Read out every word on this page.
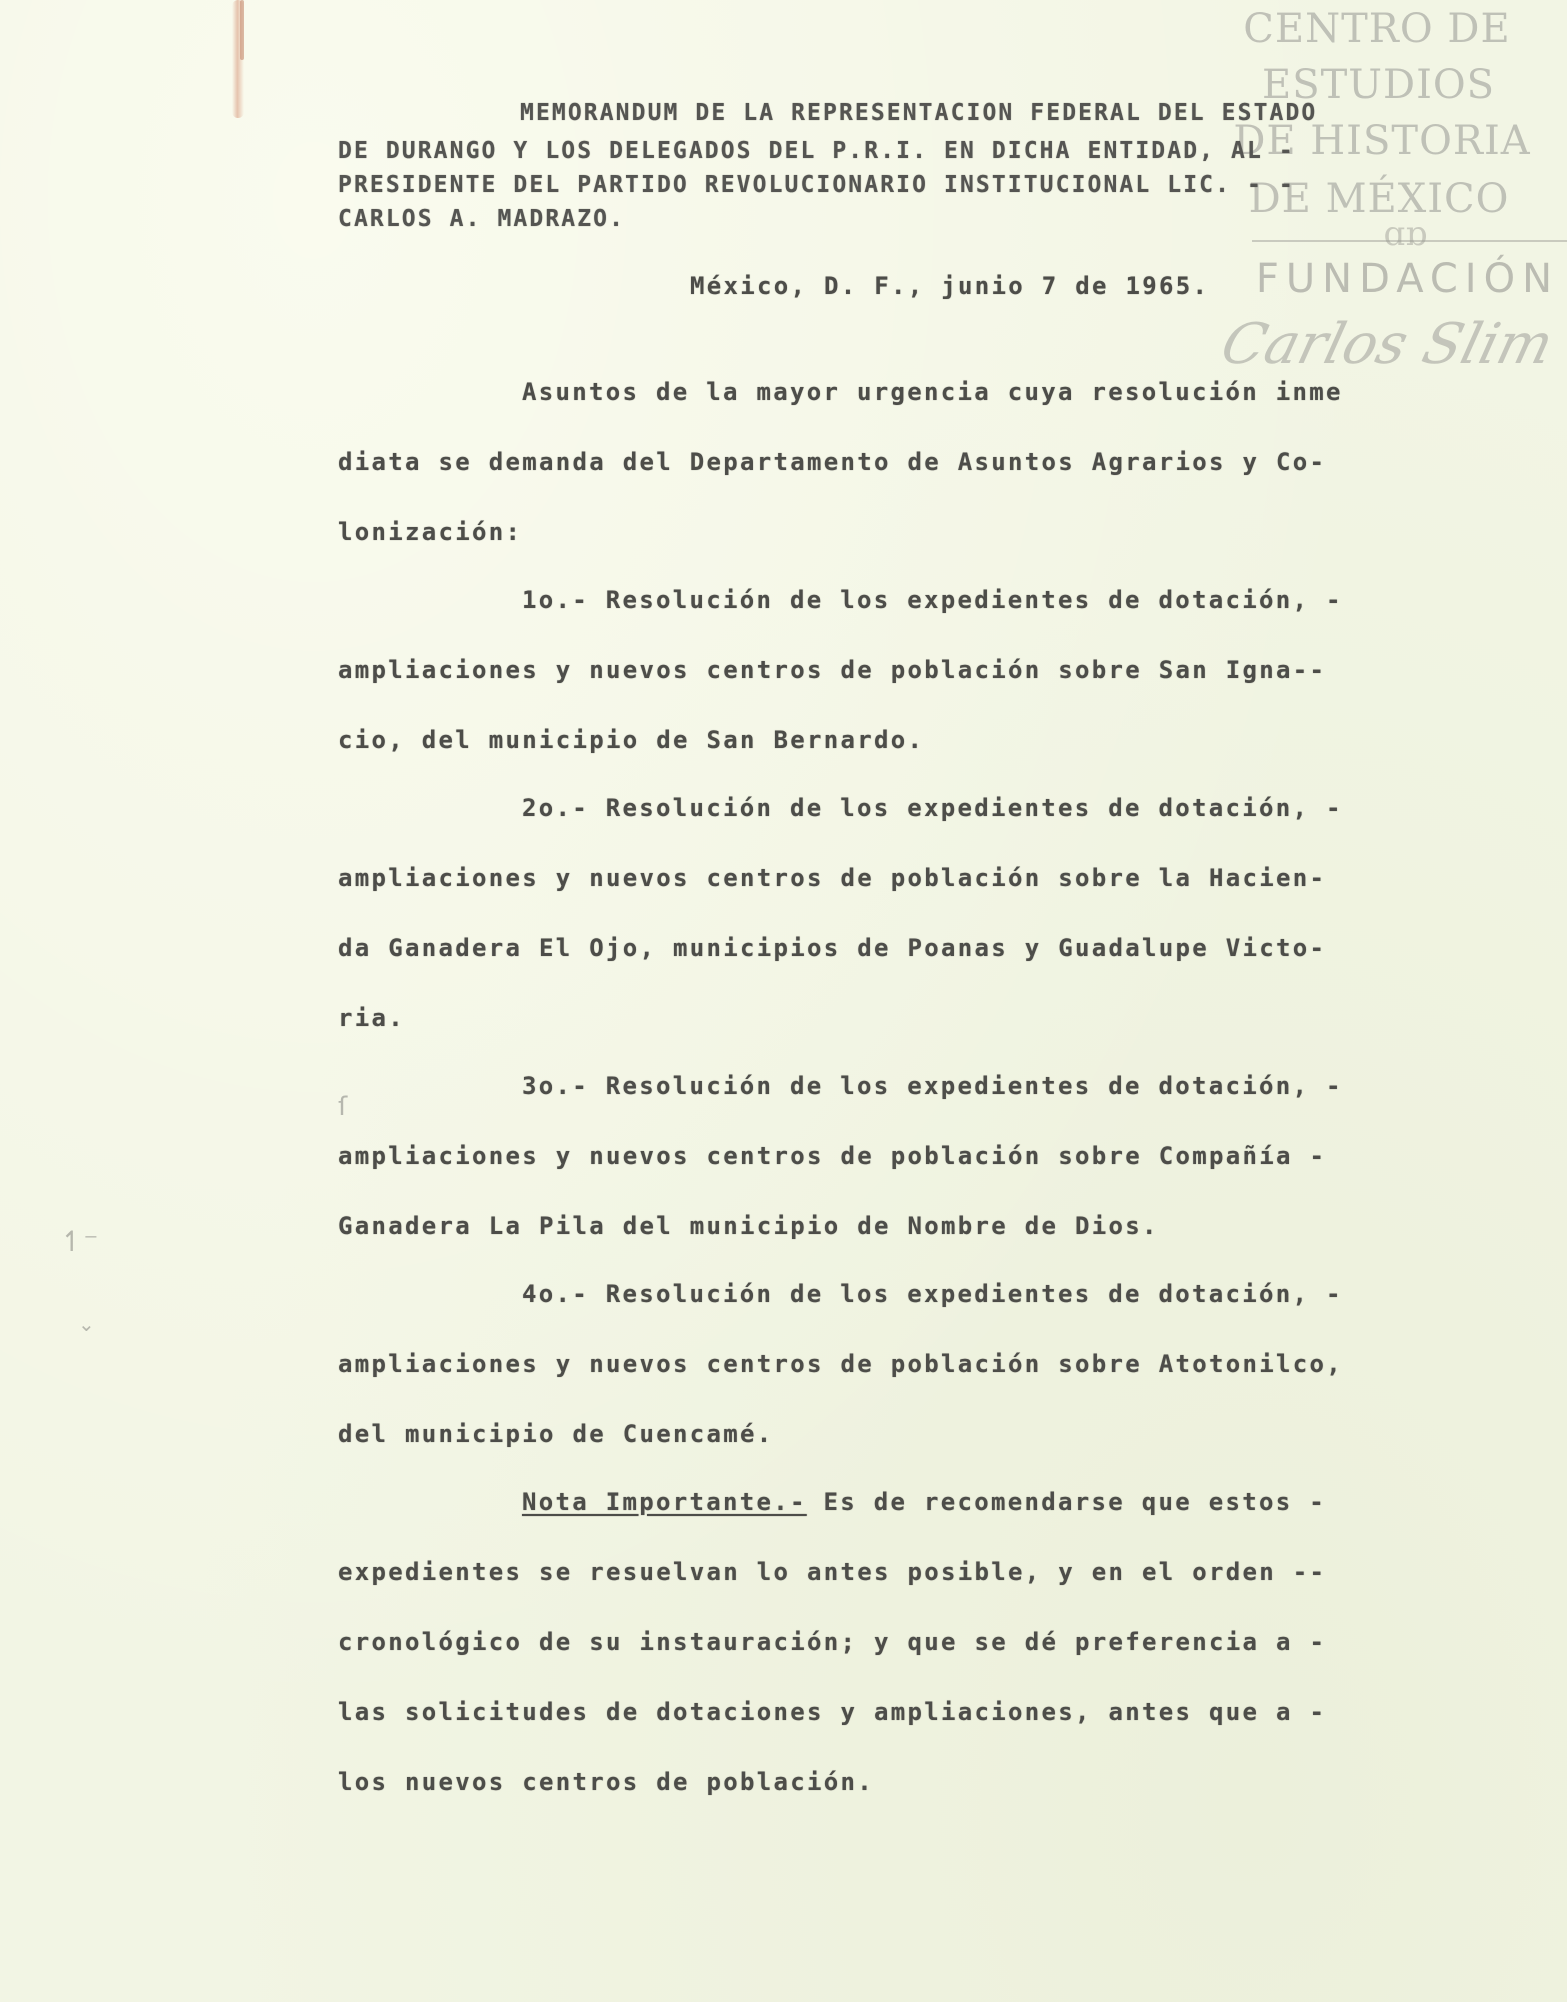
CENTRO DE
ESTUDIOS
DE HISTORIA
DE MÉXICO
ɑɒ
FUNDACIÓN
Carlos Slim
ſ
↿⁻
⌄
MEMORANDUM DE LA REPRESENTACION FEDERAL DEL ESTADO
DE DURANGO Y LOS DELEGADOS DEL P.R.I. EN DICHA ENTIDAD, AL -
PRESIDENTE DEL PARTIDO REVOLUCIONARIO INSTITUCIONAL LIC. - -
CARLOS A. MADRAZO.
México, D. F., junio 7 de 1965.
Asuntos de la mayor urgencia cuya resolución inme
diata se demanda del Departamento de Asuntos Agrarios y Co-
lonización:
1o.- Resolución de los expedientes de dotación, -
ampliaciones y nuevos centros de población sobre San Igna--
cio, del municipio de San Bernardo.
2o.- Resolución de los expedientes de dotación, -
ampliaciones y nuevos centros de población sobre la Hacien-
da Ganadera El Ojo, municipios de Poanas y Guadalupe Victo-
ria.
3o.- Resolución de los expedientes de dotación, -
ampliaciones y nuevos centros de población sobre Compañía -
Ganadera La Pila del municipio de Nombre de Dios.
4o.- Resolución de los expedientes de dotación, -
ampliaciones y nuevos centros de población sobre Atotonilco,
del municipio de Cuencamé.
Nota Importante.- Es de recomendarse que estos -
expedientes se resuelvan lo antes posible, y en el orden --
cronológico de su instauración; y que se dé preferencia a -
las solicitudes de dotaciones y ampliaciones, antes que a -
los nuevos centros de población.
